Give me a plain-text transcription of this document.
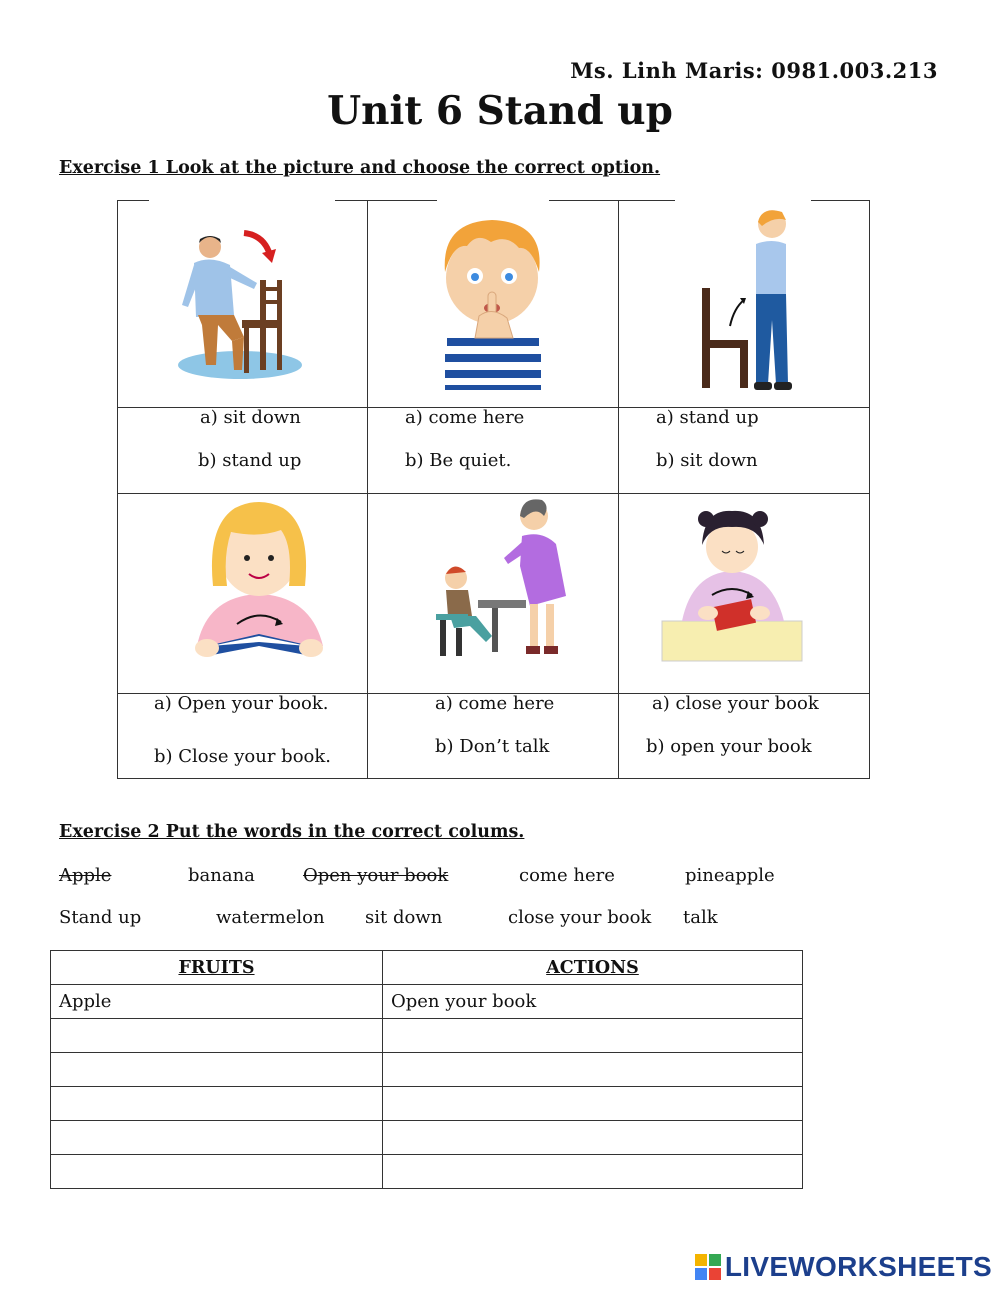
Ms. Linh Maris: 0981.003.213
Unit 6 Stand up
Exercise 1 Look at the picture and choose the correct option.
a) sit down
b) stand up
a) come here
b) Be quiet.
a) stand up
b) sit down
a) Open your book.
b) Close your book.
a) come here
b) Don’t talk
a) close your book
b) open your book
Exercise 2 Put the words in the correct colums.
Apple	banana	Open your book	come here	pineapple
Stand up	watermelon sit down	close your book talk
FRUITS	ACTIONS
Apple	Open your book

LIVEWORKSHEETS
